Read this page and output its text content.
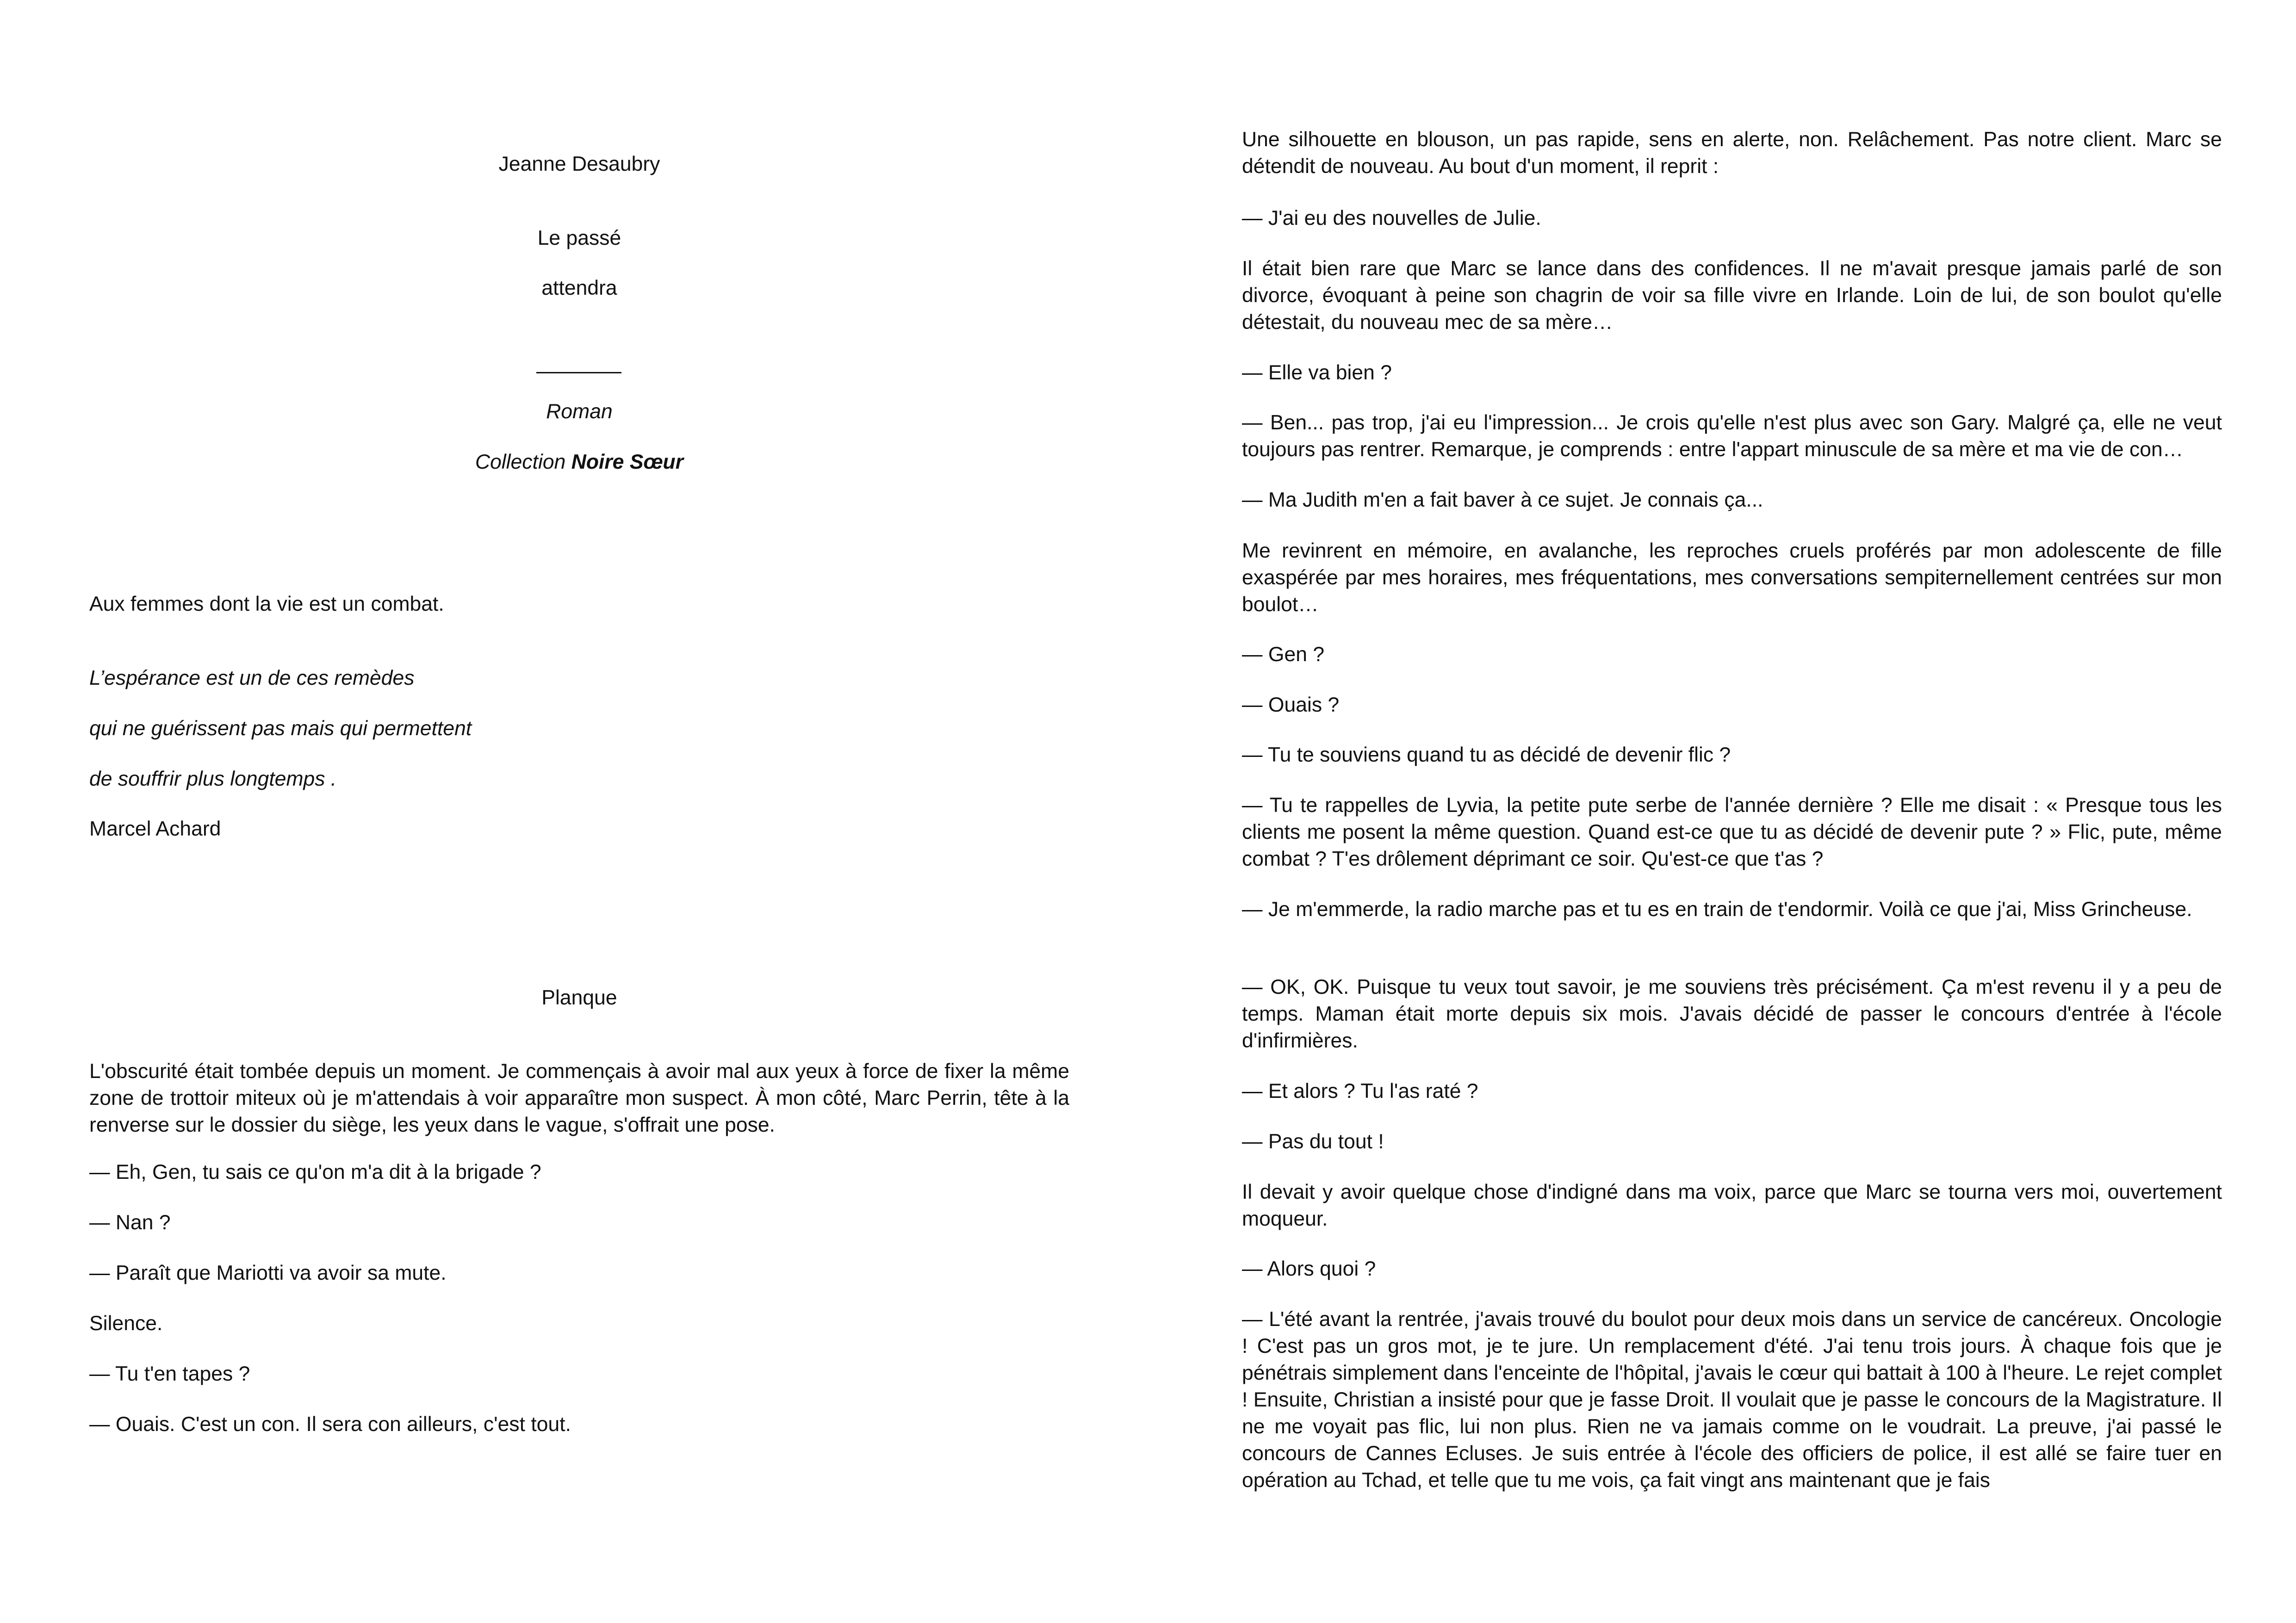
Jeanne Desaubry

Le passé

attendra

Roman

Collection Noire Sœur

Aux femmes dont la vie est un combat.

L’espérance est un de ces remèdes

qui ne guérissent pas mais qui permettent

de souffrir plus longtemps .

Marcel Achard

Planque

L'obscurité était tombée depuis un moment. Je commençais à avoir mal aux yeux à force de fixer la même zone de trottoir miteux où je m'attendais à voir apparaître mon suspect. À mon côté, Marc Perrin, tête à la renverse sur le dossier du siège, les yeux dans le vague, s'offrait une pose.

— Eh, Gen, tu sais ce qu'on m'a dit à la brigade ?

— Nan ?

— Paraît que Mariotti va avoir sa mute.

Silence.

— Tu t'en tapes ?

— Ouais. C'est un con. Il sera con ailleurs, c'est tout.

Une silhouette en blouson, un pas rapide, sens en alerte, non. Relâchement. Pas notre client. Marc se détendit de nouveau. Au bout d'un moment, il reprit :

— J'ai eu des nouvelles de Julie.

Il était bien rare que Marc se lance dans des confidences. Il ne m'avait presque jamais parlé de son divorce, évoquant à peine son chagrin de voir sa fille vivre en Irlande. Loin de lui, de son boulot qu'elle détestait, du nouveau mec de sa mère…

— Elle va bien ?

— Ben... pas trop, j'ai eu l'impression... Je crois qu'elle n'est plus avec son Gary. Malgré ça, elle ne veut toujours pas rentrer. Remarque, je comprends : entre l'appart minuscule de sa mère et ma vie de con…

— Ma Judith m'en a fait baver à ce sujet. Je connais ça...

Me revinrent en mémoire, en avalanche, les reproches cruels proférés par mon adolescente de fille exaspérée par mes horaires, mes fréquentations, mes conversations sempiternellement centrées sur mon boulot…

— Gen ?

— Ouais ?

— Tu te souviens quand tu as décidé de devenir flic ?

— Tu te rappelles de Lyvia, la petite pute serbe de l'année dernière ? Elle me disait : « Presque tous les clients me posent la même question. Quand est-ce que tu as décidé de devenir pute ? » Flic, pute, même combat ? T'es drôlement déprimant ce soir. Qu'est-ce que t'as ?

— Je m'emmerde, la radio marche pas et tu es en train de t'endormir. Voilà ce que j'ai, Miss Grincheuse.

— OK, OK. Puisque tu veux tout savoir, je me souviens très précisément. Ça m'est revenu il y a peu de temps. Maman était morte depuis six mois. J'avais décidé de passer le concours d'entrée à l'école d'infirmières.

— Et alors ? Tu l'as raté ?

— Pas du tout !

Il devait y avoir quelque chose d'indigné dans ma voix, parce que Marc se tourna vers moi, ouvertement moqueur.

— Alors quoi ?

— L'été avant la rentrée, j'avais trouvé du boulot pour deux mois dans un service de cancéreux. Oncologie ! C'est pas un gros mot, je te jure. Un remplacement d'été. J'ai tenu trois jours. À chaque fois que je pénétrais simplement dans l'enceinte de l'hôpital, j'avais le cœur qui battait à 100 à l'heure. Le rejet complet ! Ensuite, Christian a insisté pour que je fasse Droit. Il voulait que je passe le concours de la Magistrature. Il ne me voyait pas flic, lui non plus. Rien ne va jamais comme on le voudrait. La preuve, j'ai passé le concours de Cannes Ecluses. Je suis entrée à l'école des officiers de police, il est allé se faire tuer en opération au Tchad, et telle que tu me vois, ça fait vingt ans maintenant que je fais
